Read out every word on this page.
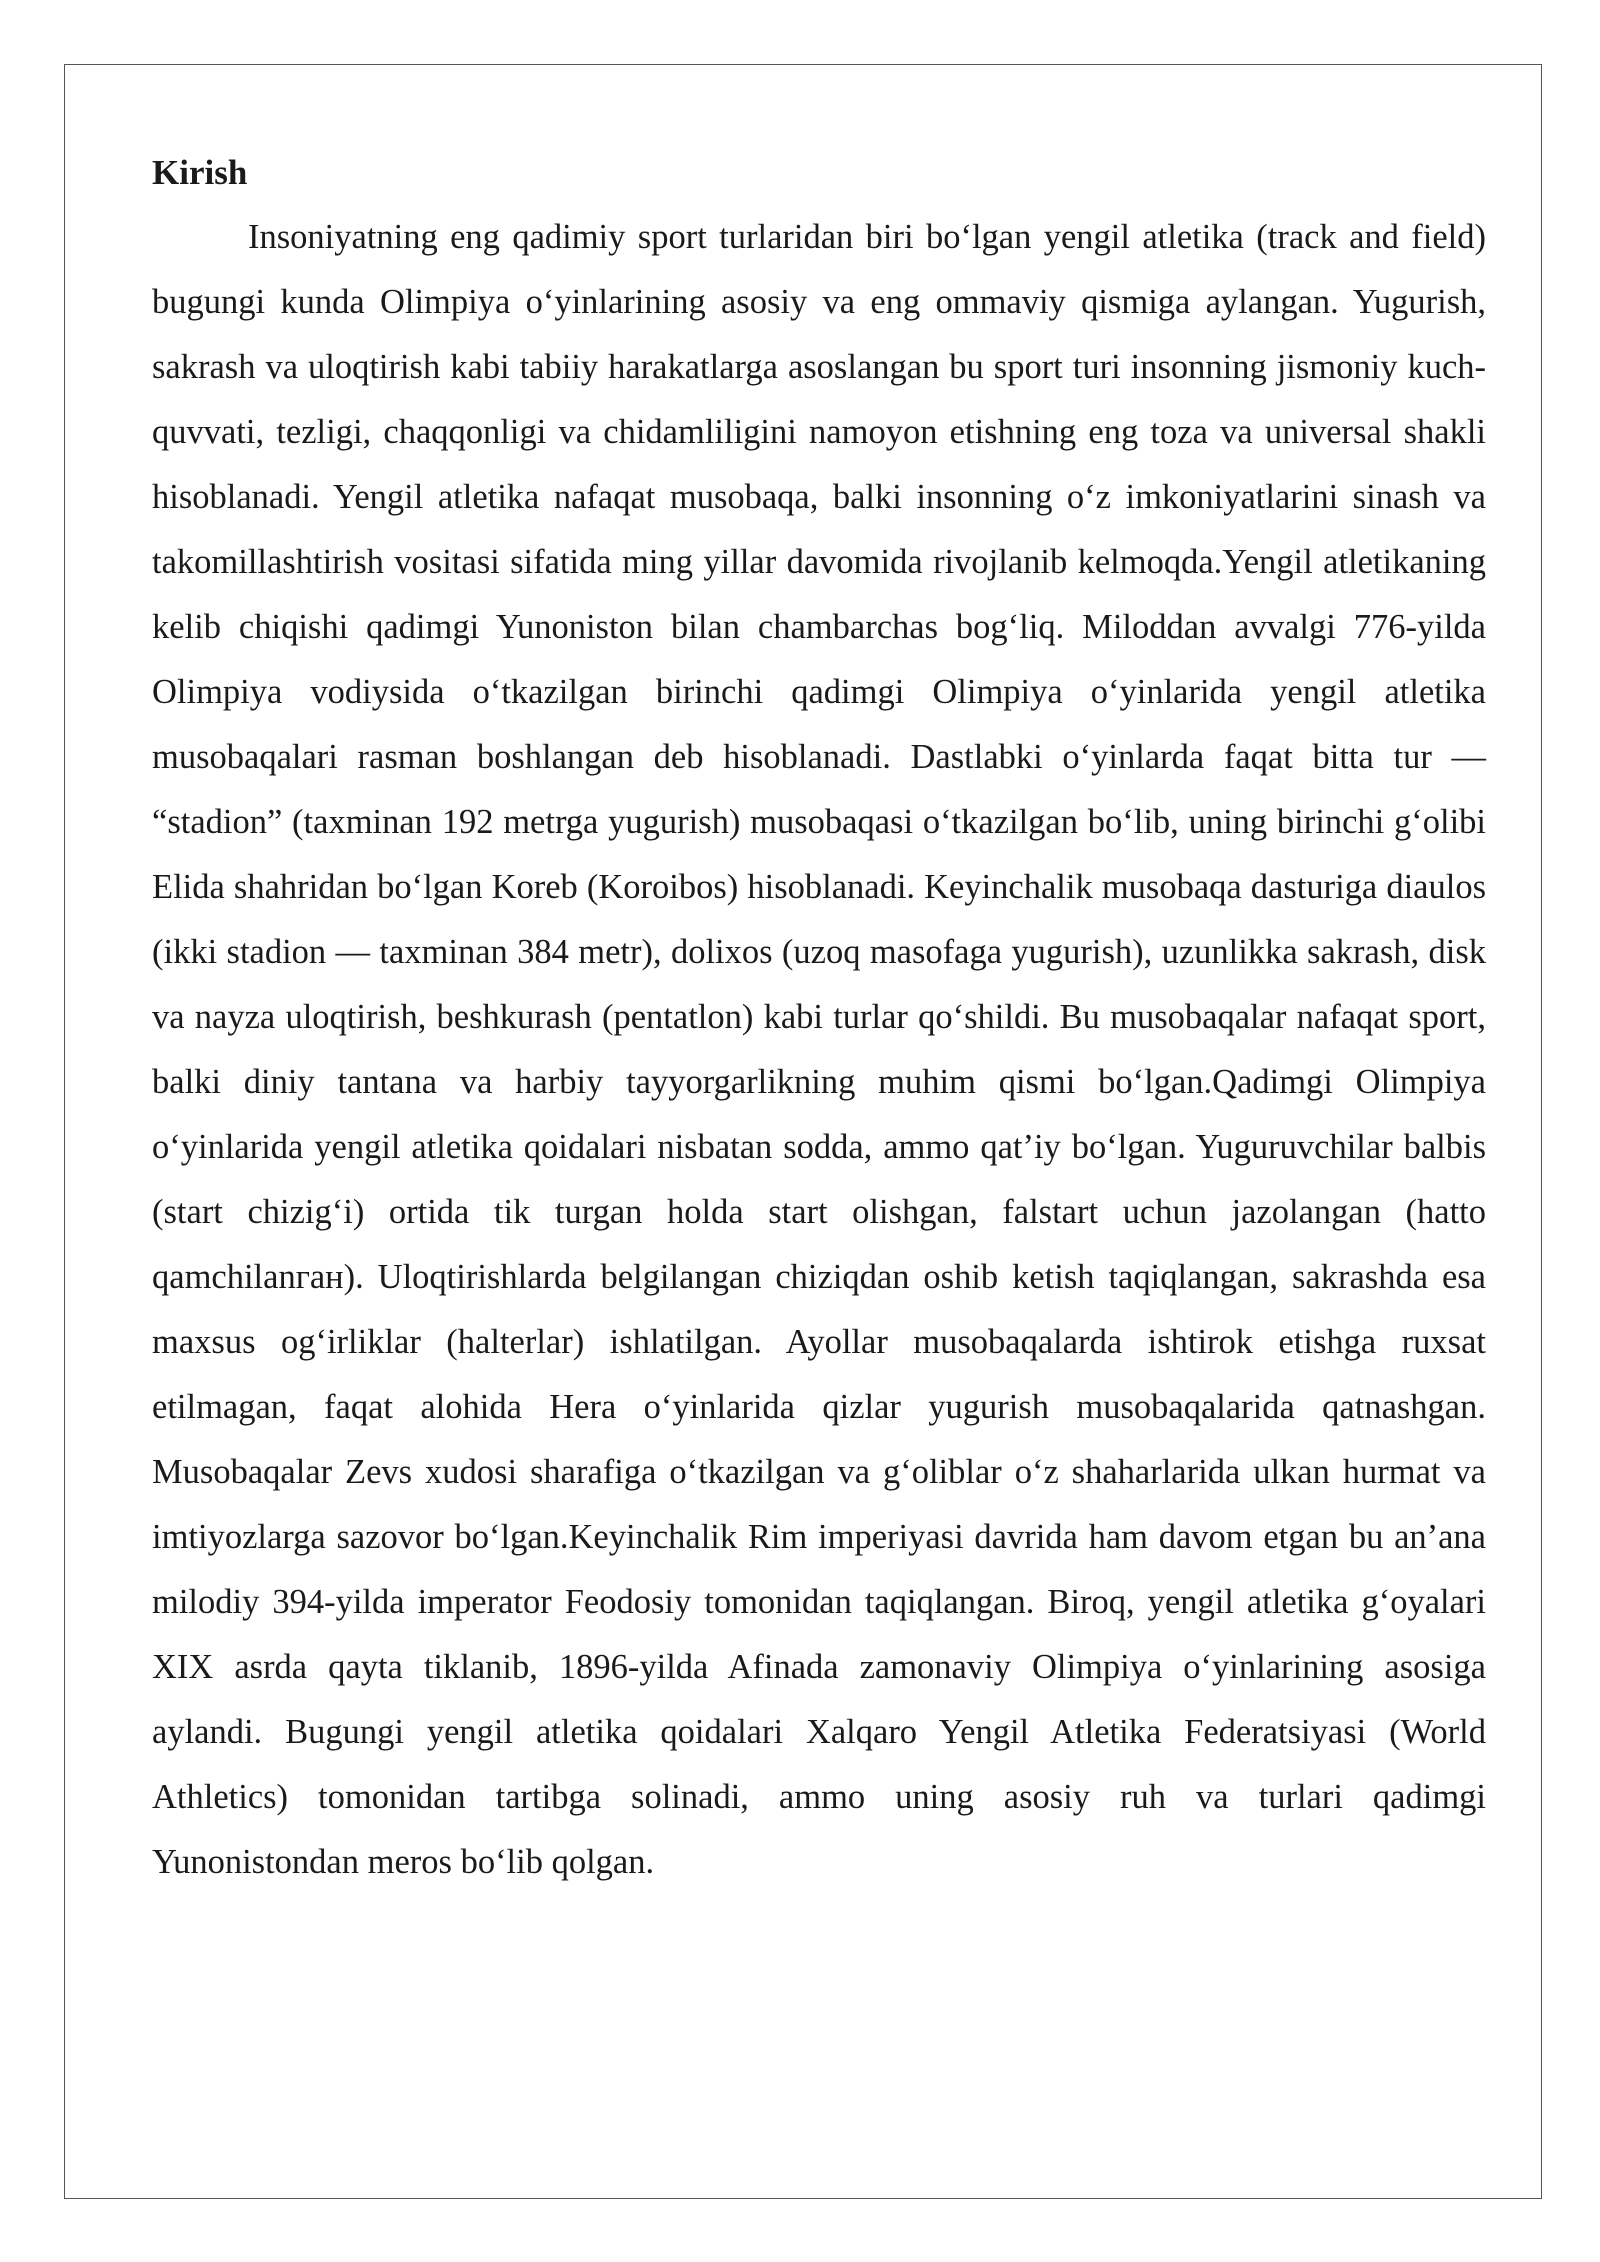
Kirish

Insoniyatning eng qadimiy sport turlaridan biri bo‘lgan yengil atletika (track and field) bugungi kunda Olimpiya o‘yinlarining asosiy va eng ommaviy qismiga aylangan. Yugurish, sakrash va uloqtirish kabi tabiiy harakatlarga asoslangan bu sport turi insonning jismoniy kuch-quvvati, tezligi, chaqqonligi va chidamliligini namoyon etishning eng toza va universal shakli hisoblanadi. Yengil atletika nafaqat musobaqa, balki insonning o‘z imkoniyatlarini sinash va takomillashtirish vositasi sifatida ming yillar davomida rivojlanib kelmoqda.Yengil atletikaning kelib chiqishi qadimgi Yunoniston bilan chambarchas bog‘liq. Miloddan avvalgi 776-yilda Olimpiya vodiysida o‘tkazilgan birinchi qadimgi Olimpiya o‘yinlarida yengil atletika musobaqalari rasman boshlangan deb hisoblanadi. Dastlabki o‘yinlarda faqat bitta tur — “stadion” (taxminan 192 metrga yugurish) musobaqasi o‘tkazilgan bo‘lib, uning birinchi g‘olibi Elida shahridan bo‘lgan Koreb (Koroibos) hisoblanadi. Keyinchalik musobaqa dasturiga diaulos (ikki stadion — taxminan 384 metr), dolixos (uzoq masofaga yugurish), uzunlikka sakrash, disk va nayza uloqtirish, beshkurash (pentatlon) kabi turlar qo‘shildi. Bu musobaqalar nafaqat sport, balki diniy tantana va harbiy tayyorgarlikning muhim qismi bo‘lgan.Qadimgi Olimpiya o‘yinlarida yengil atletika qoidalari nisbatan sodda, ammo qat’iy bo‘lgan. Yuguruvchilar balbis (start chizig‘i) ortida tik turgan holda start olishgan, falstart uchun jazolangan (hatto qamchilanган). Uloqtirishlarda belgilangan chiziqdan oshib ketish taqiqlangan, sakrashda esa maxsus og‘irliklar (halterlar) ishlatilgan. Ayollar musobaqalarda ishtirok etishga ruxsat etilmagan, faqat alohida Hera o‘yinlarida qizlar yugurish musobaqalarida qatnashgan. Musobaqalar Zevs xudosi sharafiga o‘tkazilgan va g‘oliblar o‘z shaharlarida ulkan hurmat va imtiyozlarga sazovor bo‘lgan.Keyinchalik Rim imperiyasi davrida ham davom etgan bu an’ana milodiy 394-yilda imperator Feodosiy tomonidan taqiqlangan. Biroq, yengil atletika g‘oyalari XIX asrda qayta tiklanib, 1896-yilda Afinada zamonaviy Olimpiya o‘yinlarining asosiga aylandi. Bugungi yengil atletika qoidalari Xalqaro Yengil Atletika Federatsiyasi (World Athletics) tomonidan tartibga solinadi, ammo uning asosiy ruh va turlari qadimgi Yunonistondan meros bo‘lib qolgan.
